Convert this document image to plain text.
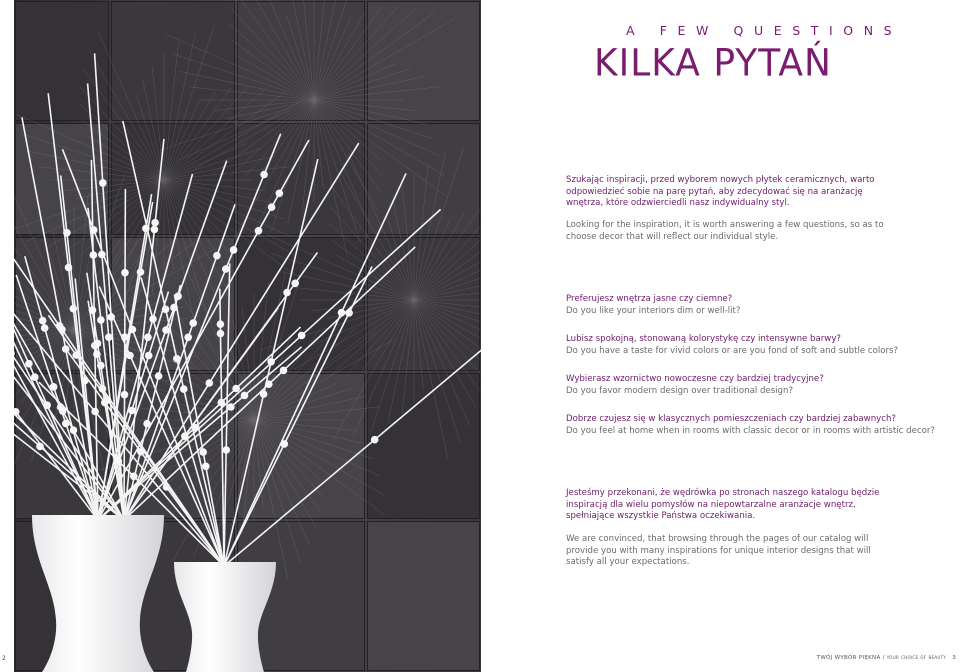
A FEW QUESTIONS
KILKA PYTAŃ
Szukając inspiracji, przed wyborem nowych płytek ceramicznych, warto odpowiedzieć sobie na parę pytań, aby zdecydować się na aranżację wnętrza, które odzwierciedli nasz indywidualny styl.
Looking for the inspiration, it is worth answering a few questions, so as to choose decor that will reflect our individual style.
Preferujesz wnętrza jasne czy ciemne?
Do you like your interiors dim or well-lit?
Lubisz spokojną, stonowaną kolorystykę czy intensywne barwy?
Do you have a taste for vivid colors or are you fond of soft and subtle colors?
Wybierasz wzornictwo nowoczesne czy bardziej tradycyjne?
Do you favor modern design over traditional design?
Dobrze czujesz się w klasycznych pomieszczeniach czy bardziej zabawnych?
Do you feel at home when in rooms with classic decor or in rooms with artistic decor?
Jesteśmy przekonani, że wędrówka po stronach naszego katalogu będzie inspiracją dla wielu pomysłów na niepowtarzalne aranżacje wnętrz, spełniające wszystkie Państwa oczekiwania.
We are convinced, that browsing through the pages of our catalog will provide you with many inspirations for unique interior designs that will satisfy all your expectations.
TWÓJ WYBÓR PIĘKNA / your choice of beauty 3
2
